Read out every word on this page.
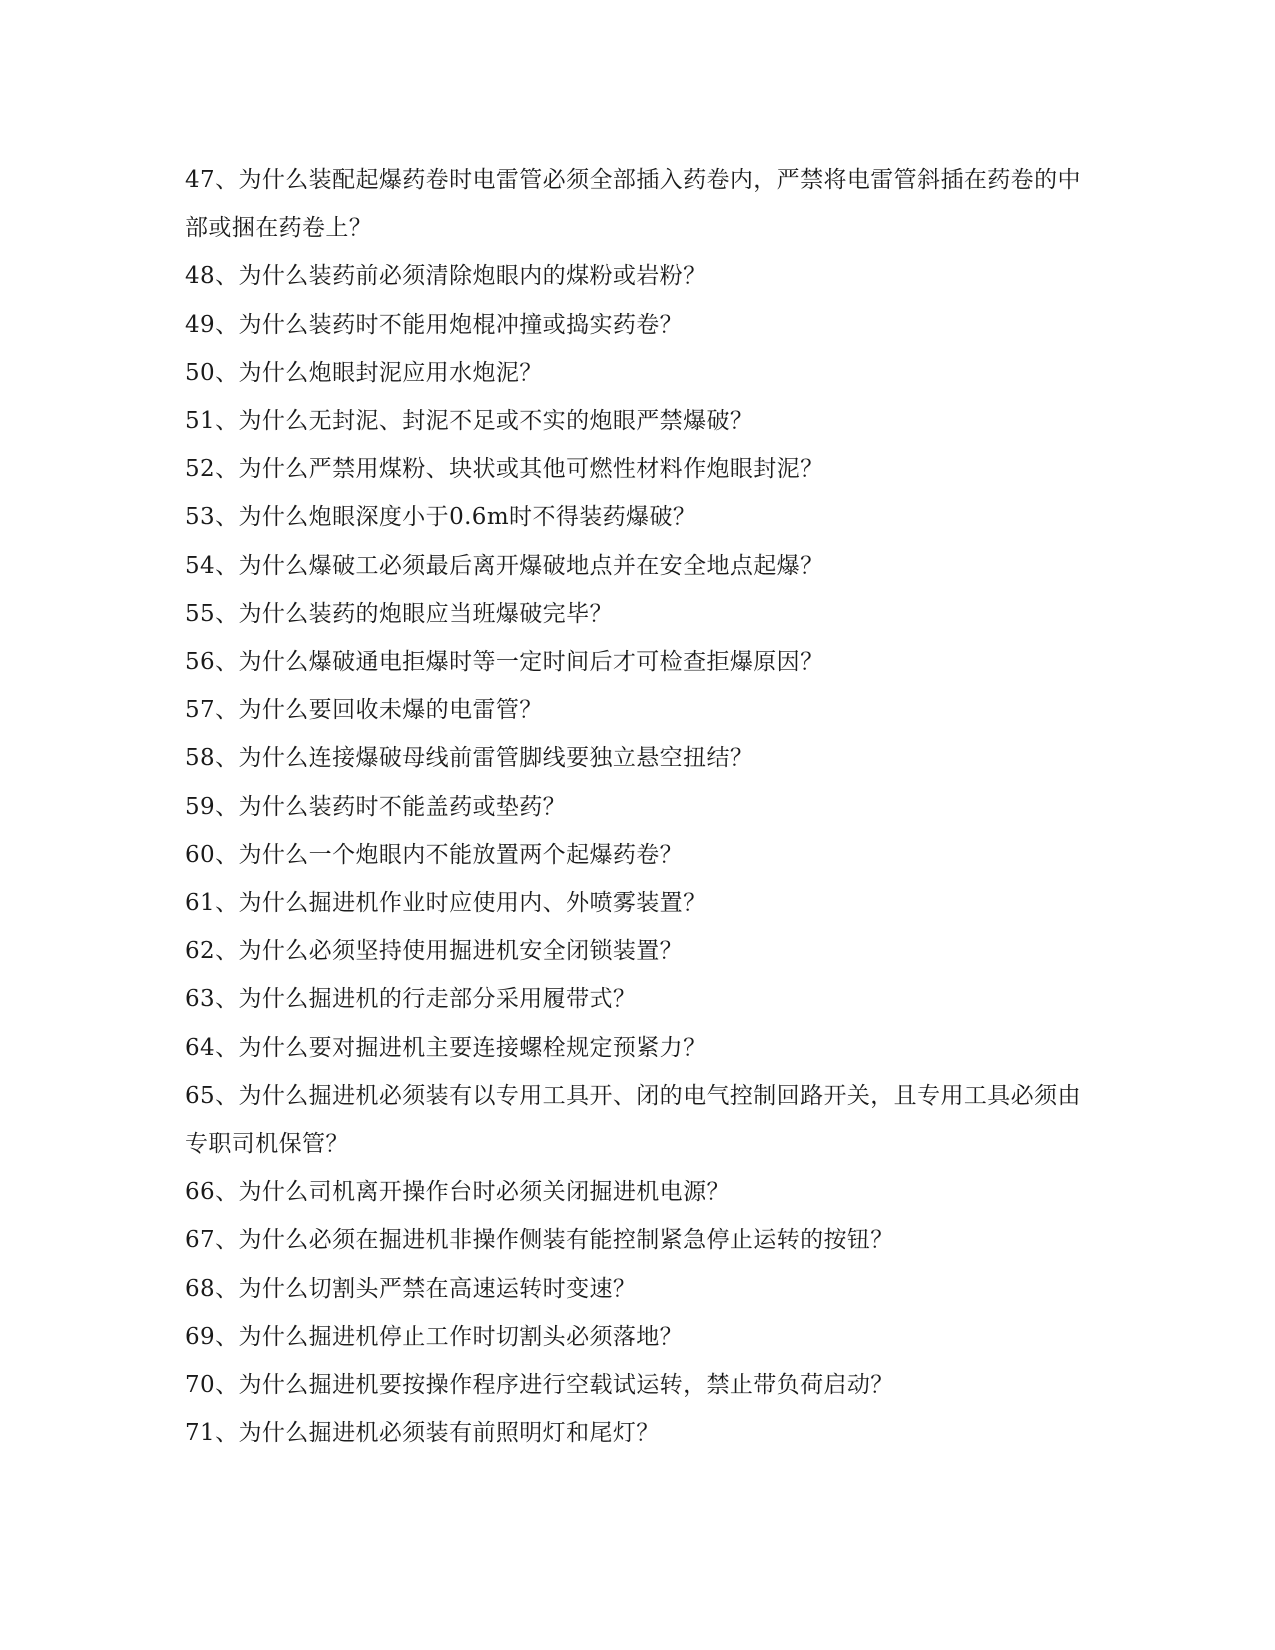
47、为什么装配起爆药卷时电雷管必须全部插入药卷内，严禁将电雷管斜插在药卷的中部或捆在药卷上？

48、为什么装药前必须清除炮眼内的煤粉或岩粉？

49、为什么装药时不能用炮棍冲撞或捣实药卷？

50、为什么炮眼封泥应用水炮泥？

51、为什么无封泥、封泥不足或不实的炮眼严禁爆破？

52、为什么严禁用煤粉、块状或其他可燃性材料作炮眼封泥？

53、为什么炮眼深度小于0.6m时不得装药爆破？

54、为什么爆破工必须最后离开爆破地点并在安全地点起爆？

55、为什么装药的炮眼应当班爆破完毕？

56、为什么爆破通电拒爆时等一定时间后才可检查拒爆原因？

57、为什么要回收未爆的电雷管？

58、为什么连接爆破母线前雷管脚线要独立悬空扭结？

59、为什么装药时不能盖药或垫药？

60、为什么一个炮眼内不能放置两个起爆药卷？

61、为什么掘进机作业时应使用内、外喷雾装置？

62、为什么必须坚持使用掘进机安全闭锁装置？

63、为什么掘进机的行走部分采用履带式？

64、为什么要对掘进机主要连接螺栓规定预紧力？

65、为什么掘进机必须装有以专用工具开、闭的电气控制回路开关，且专用工具必须由专职司机保管？

66、为什么司机离开操作台时必须关闭掘进机电源？

67、为什么必须在掘进机非操作侧装有能控制紧急停止运转的按钮？

68、为什么切割头严禁在高速运转时变速？

69、为什么掘进机停止工作时切割头必须落地？

70、为什么掘进机要按操作程序进行空载试运转，禁止带负荷启动？

71、为什么掘进机必须装有前照明灯和尾灯？
